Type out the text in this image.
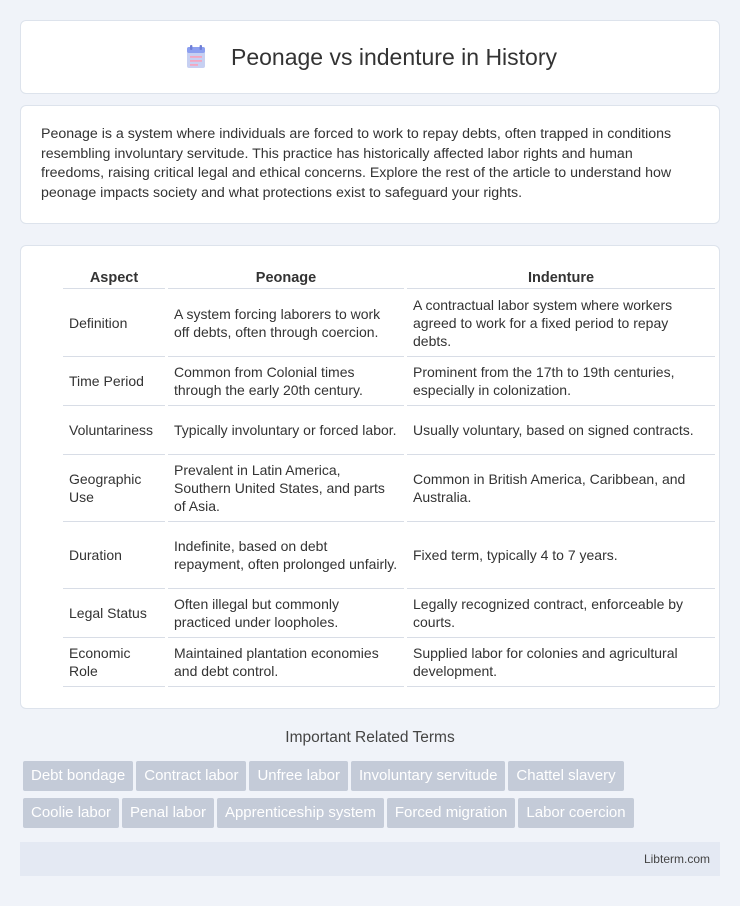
Peonage vs indenture in History

Peonage is a system where individuals are forced to work to repay debts, often trapped in conditions resembling involuntary servitude. This practice has historically affected labor rights and human freedoms, raising critical legal and ethical concerns. Explore the rest of the article to understand how peonage impacts society and what protections exist to safeguard your rights.

Aspect	Peonage	Indenture
Definition	A system forcing laborers to work off debts, often through coercion.	A contractual labor system where workers agreed to work for a fixed period to repay debts.
Time Period	Common from Colonial times through the early 20th century.	Prominent from the 17th to 19th centuries, especially in colonization.
Voluntariness	Typically involuntary or forced labor.	Usually voluntary, based on signed contracts.
Geographic Use	Prevalent in Latin America, Southern United States, and parts of Asia.	Common in British America, Caribbean, and Australia.
Duration	Indefinite, based on debt repayment, often prolonged unfairly.	Fixed term, typically 4 to 7 years.
Legal Status	Often illegal but commonly practiced under loopholes.	Legally recognized contract, enforceable by courts.
Economic Role	Maintained plantation economies and debt control.	Supplied labor for colonies and agricultural development.
Important Related Terms
Debt bondage Contract labor Unfree labor Involuntary servitude Chattel slavery
Coolie labor Penal labor Apprenticeship system Forced migration Labor coercion
Libterm.com
